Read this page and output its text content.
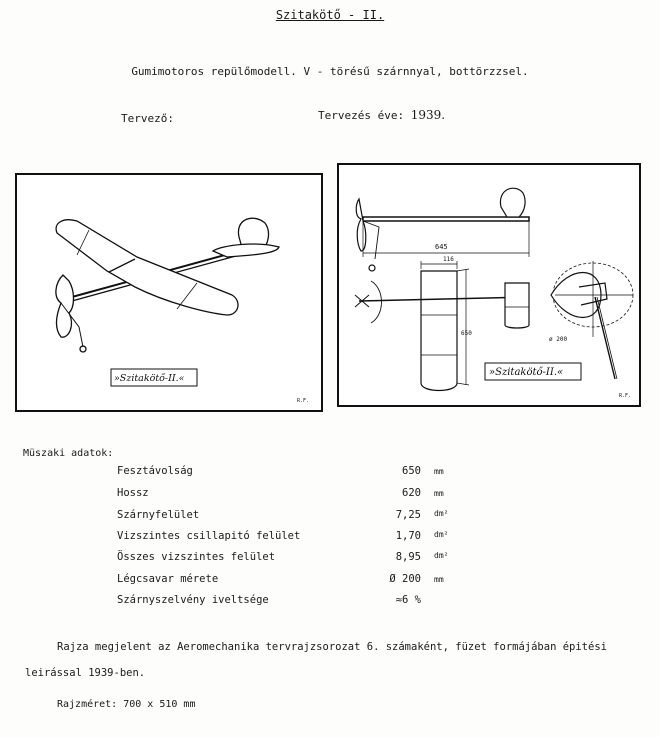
Szitakötő - II.
Gumimotoros repülőmodell. V - törésű szárnnyal, bottörzzsel.
Tervező:	Tervezés éve: 1939.
»Szitakötő-II.«
R.F.
645
116
650
ø 200
»Szitakötő-II.«
R.F.
Müszaki adatok:
Fesztávolság	650 mm
Hossz	620 mm
Szárnyfelület	7,25 dm²
Vizszintes csillapitó felület	1,70 dm²
Összes vizszintes felület	8,95 dm²
Légcsavar mérete	Ø 200 mm
Szárnyszelvény iveltsége	≈6 %
Rajza megjelent az Aeromechanika tervrajzsorozat 6. számaként, füzet formájában épitési leirással 1939-ben.
Rajzméret: 700 x 510 mm
